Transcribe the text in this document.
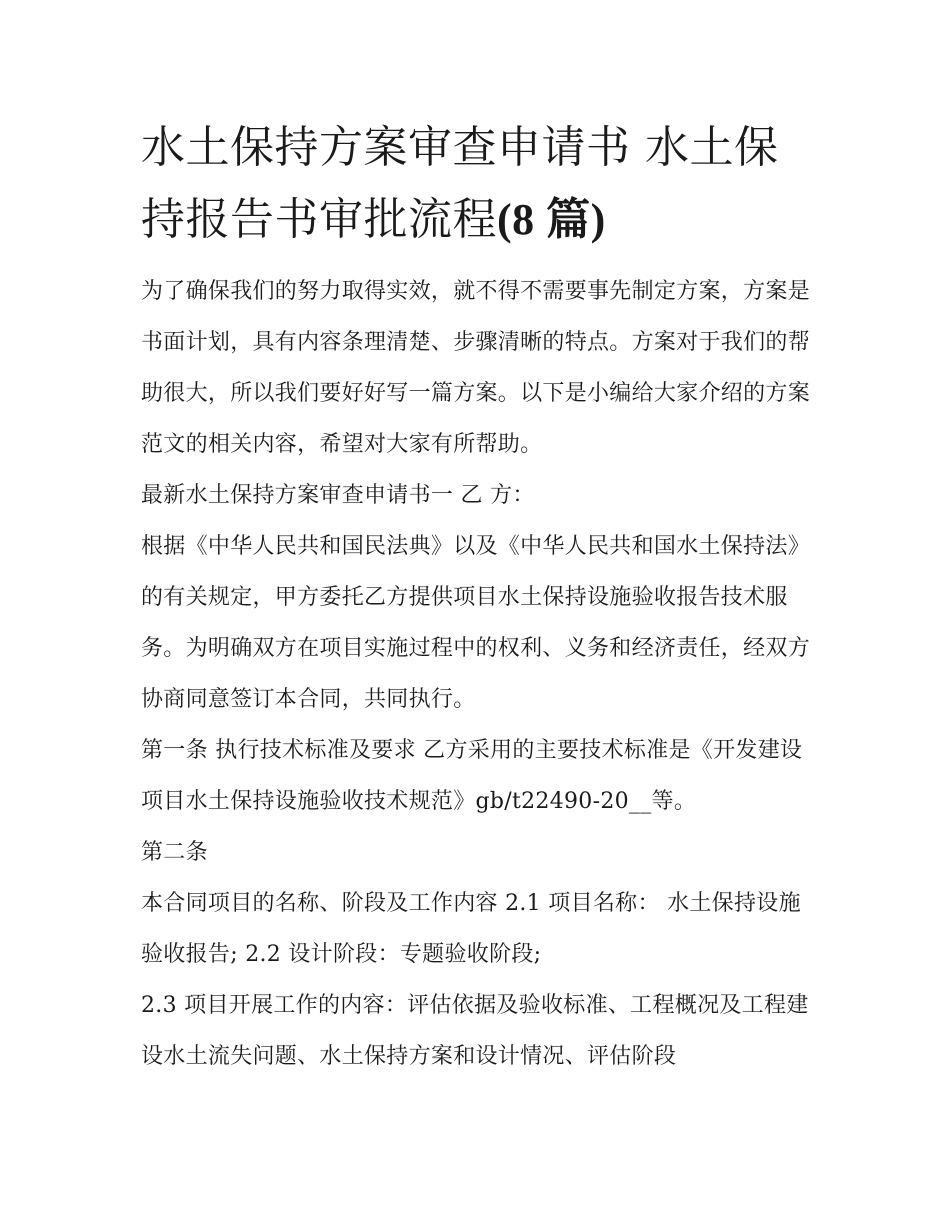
水土保持方案审查申请书 水土保持报告书审批流程(8 篇)

为了确保我们的努力取得实效，就不得不需要事先制定方案，方案是书面计划，具有内容条理清楚、步骤清晰的特点。方案对于我们的帮助很大，所以我们要好好写一篇方案。以下是小编给大家介绍的方案范文的相关内容，希望对大家有所帮助。

最新水土保持方案审查申请书一 乙 方：

根据《中华人民共和国民法典》以及《中华人民共和国水土保持法》的有关规定，甲方委托乙方提供项目水土保持设施验收报告技术服务。为明确双方在项目实施过程中的权利、义务和经济责任，经双方协商同意签订本合同，共同执行。

第一条 执行技术标准及要求 乙方采用的主要技术标准是《开发建设项目水土保持设施验收技术规范》gb/t22490-20__等。

第二条

本合同项目的名称、阶段及工作内容 2.1 项目名称： 水土保持设施验收报告; 2.2 设计阶段：专题验收阶段;

2.3 项目开展工作的内容：评估依据及验收标准、工程概况及工程建设水土流失问题、水土保持方案和设计情况、评估阶段
